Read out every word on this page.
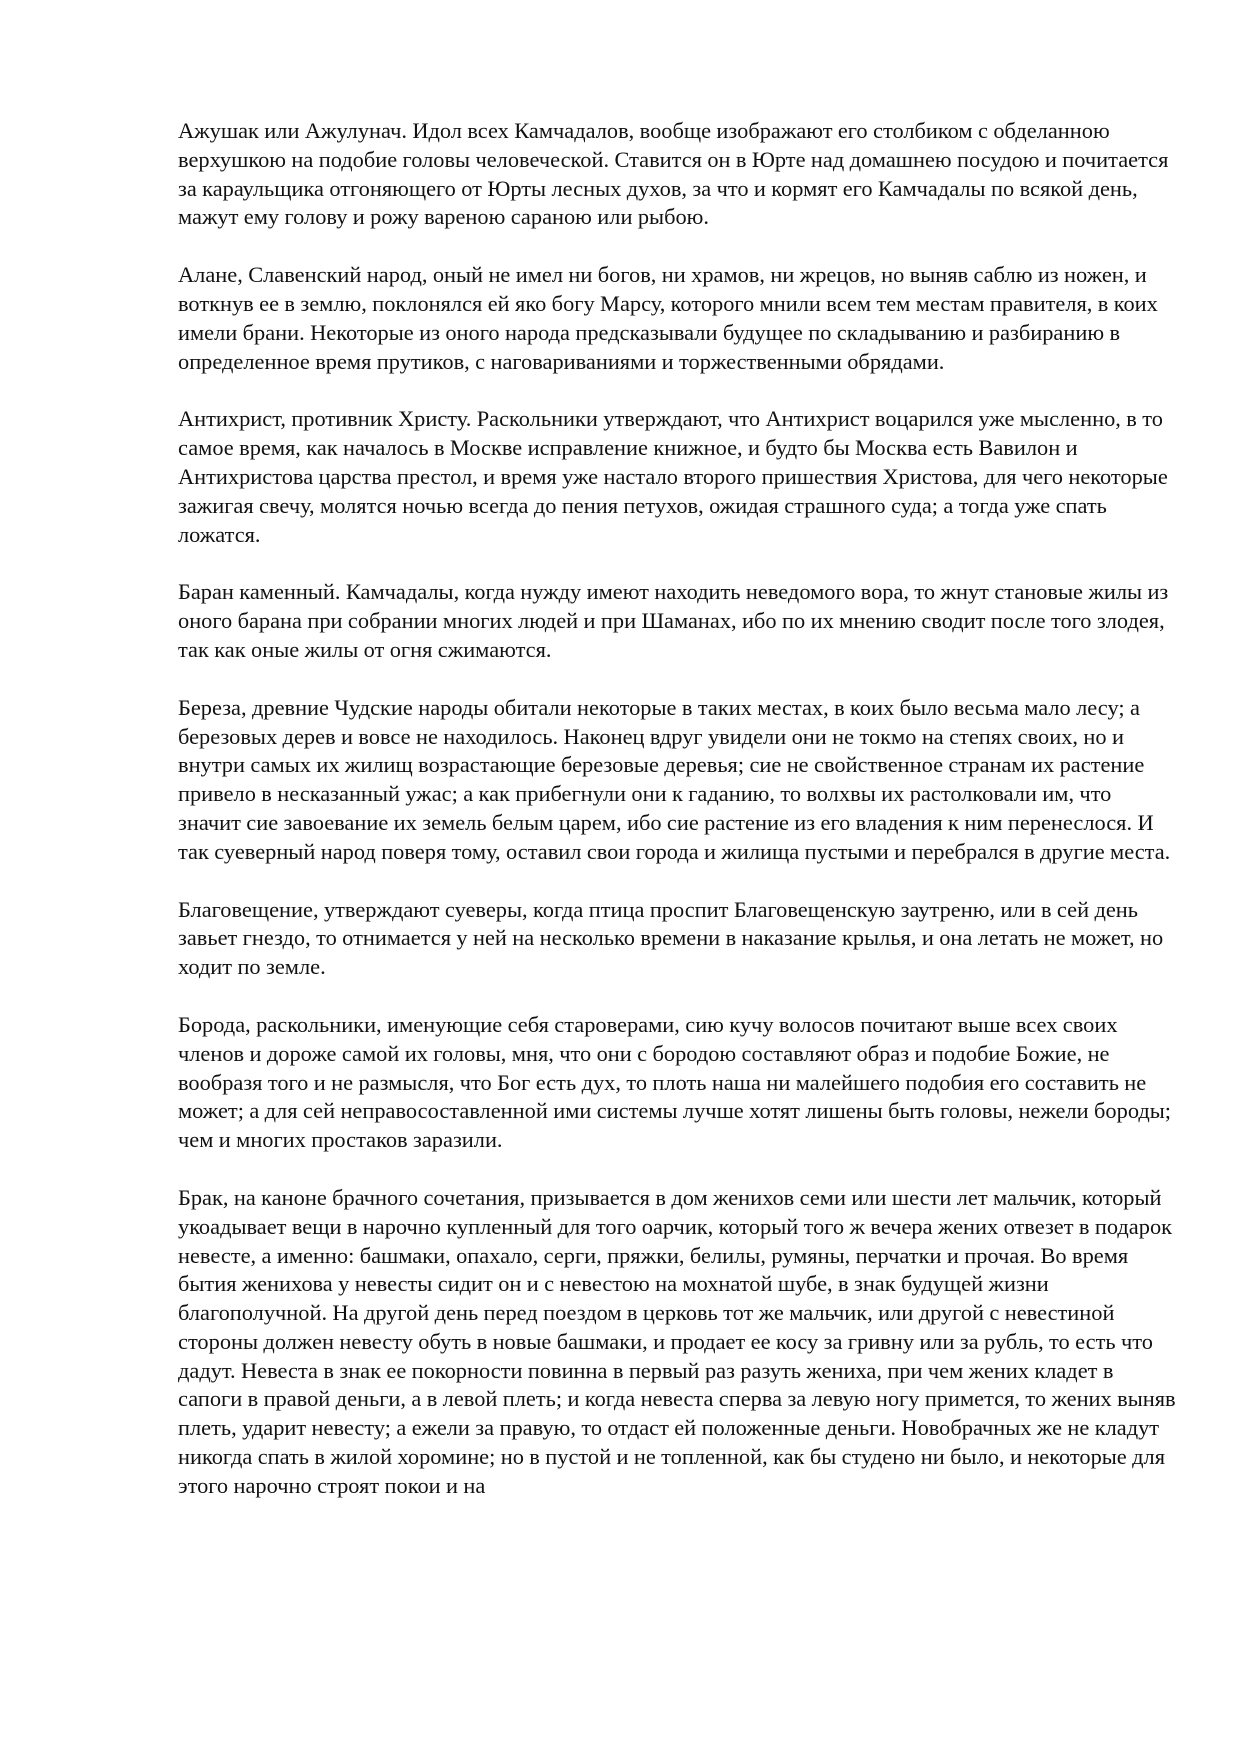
Ажушак или Ажулунач. Идол всех Камчадалов, вообще изображают его столбиком с обделанною верхушкою на подобие головы человеческой. Ставится он в Юрте над домашнею посудою и почитается за караульщика отгоняющего от Юрты лесных духов, за что и кормят его Камчадалы по всякой день, мажут ему голову и рожу вареною сараною или рыбою.

Алане, Славенский народ, оный не имел ни богов, ни храмов, ни жрецов, но выняв саблю из ножен, и воткнув ее в землю, поклонялся ей яко богу Марсу, которого мнили всем тем местам правителя, в коих имели брани. Некоторые из оного народа предсказывали будущее по складыванию и разбиранию в определенное время прутиков, с наговариваниями и торжественными обрядами.

Антихрист, противник Христу. Раскольники утверждают, что Антихрист воцарился уже мысленно, в то самое время, как началось в Москве исправление книжное, и будто бы Москва есть Вавилон и Антихристова царства престол, и время уже настало второго пришествия Христова, для чего некоторые зажигая свечу, молятся ночью всегда до пения петухов, ожидая страшного суда; а тогда уже спать ложатся.

Баран каменный. Камчадалы, когда нужду имеют находить неведомого вора, то жнут становые жилы из оного барана при собрании многих людей и при Шаманах, ибо по их мнению сводит после того злодея, так как оные жилы от огня сжимаются.

Береза, древние Чудские народы обитали некоторые в таких местах, в коих было весьма мало лесу; а березовых дерев и вовсе не находилось. Наконец вдруг увидели они не токмо на степях своих, но и внутри самых их жилищ возрастающие березовые деревья; сие не свойственное странам их растение привело в несказанный ужас; а как прибегнули они к гаданию, то волхвы их растолковали им, что значит сие завоевание их земель белым царем, ибо сие растение из его владения к ним перенеслося. И так суеверный народ поверя тому, оставил свои города и жилища пустыми и перебрался в другие места.

Благовещение, утверждают суеверы, когда птица проспит Благовещенскую заутреню, или в сей день завьет гнездо, то отнимается у ней на несколько времени в наказание крылья, и она летать не может, но ходит по земле.

Борода, раскольники, именующие себя староверами, сию кучу волосов почитают выше всех своих членов и дороже самой их головы, мня, что они с бородою составляют образ и подобие Божие, не вообразя того и не размысля, что Бог есть дух, то плоть наша ни малейшего подобия его составить не может; а для сей неправосоставленной ими системы лучше хотят лишены быть головы, нежели бороды; чем и многих простаков заразили.

Брак, на каноне брачного сочетания, призывается в дом женихов семи или шести лет мальчик, который укоадывает вещи в нарочно купленный для того оарчик, который того ж вечера жених отвезет в подарок невесте, а именно: башмаки, опахало, серги, пряжки, белилы, румяны, перчатки и прочая. Во время бытия женихова у невесты сидит он и с невестою на мохнатой шубе, в знак будущей жизни благополучной. На другой день перед поездом в церковь тот же мальчик, или другой с невестиной стороны должен невесту обуть в новые башмаки, и продает ее косу за гривну или за рубль, то есть что дадут. Невеста в знак ее покорности повинна в первый раз разуть жениха, при чем жених кладет в сапоги в правой деньги, а в левой плеть; и когда невеста сперва за левую ногу примется, то жених выняв плеть, ударит невесту; а ежели за правую, то отдаст ей положенные деньги. Новобрачных же не кладут никогда спать в жилой хоромине; но в пустой и не топленной, как бы студено ни было, и некоторые для этого нарочно строят покои и на
